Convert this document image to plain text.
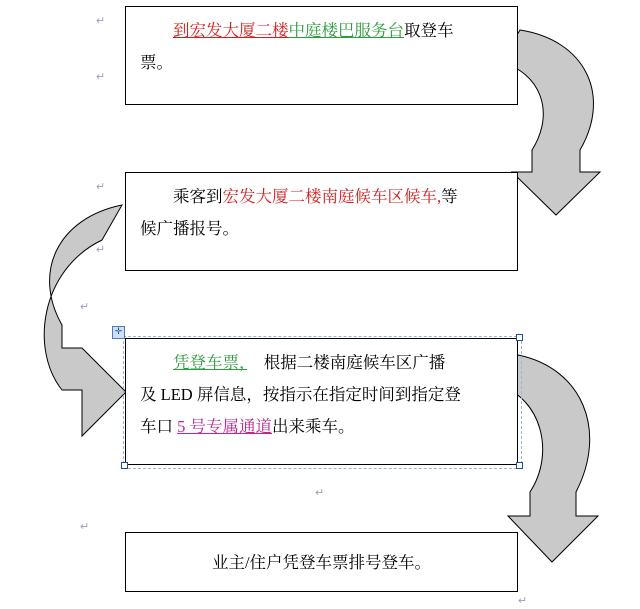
↵
↵
↵
↵
↵
↵
↵
↵
到宏发大厦二楼中庭楼巴服务台取登车
票。
乘客到宏发大厦二楼南庭候车区候车,等
候广播报号。
凭登车票，　根据二楼南庭候车区广播
及 LED 屏信息，按指示在指定时间到指定登
车口 5 号专属通道出来乘车。
✛
业主/住户凭登车票排号登车。
